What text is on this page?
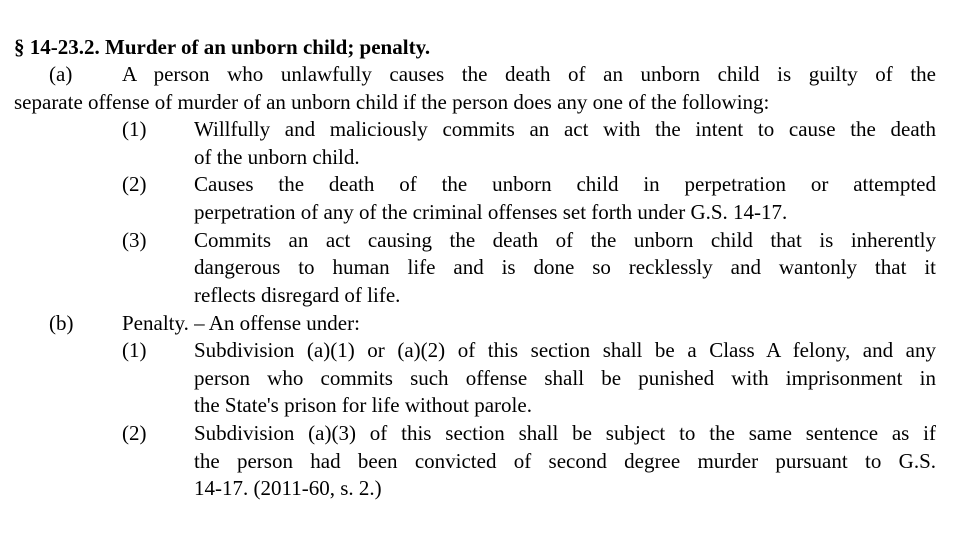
§ 14-23.2. Murder of an unborn child; penalty.
(a) A person who unlawfully causes the death of an unborn child is guilty of the
separate offense of murder of an unborn child if the person does any one of the following:
(1) Willfully and maliciously commits an act with the intent to cause the death
of the unborn child.
(2) Causes the death of the unborn child in perpetration or attempted
perpetration of any of the criminal offenses set forth under G.S. 14-17.
(3) Commits an act causing the death of the unborn child that is inherently
dangerous to human life and is done so recklessly and wantonly that it
reflects disregard of life.
(b) Penalty. – An offense under:
(1) Subdivision (a)(1) or (a)(2) of this section shall be a Class A felony, and any
person who commits such offense shall be punished with imprisonment in
the State's prison for life without parole.
(2) Subdivision (a)(3) of this section shall be subject to the same sentence as if
the person had been convicted of second degree murder pursuant to G.S.
14-17. (2011-60, s. 2.)
